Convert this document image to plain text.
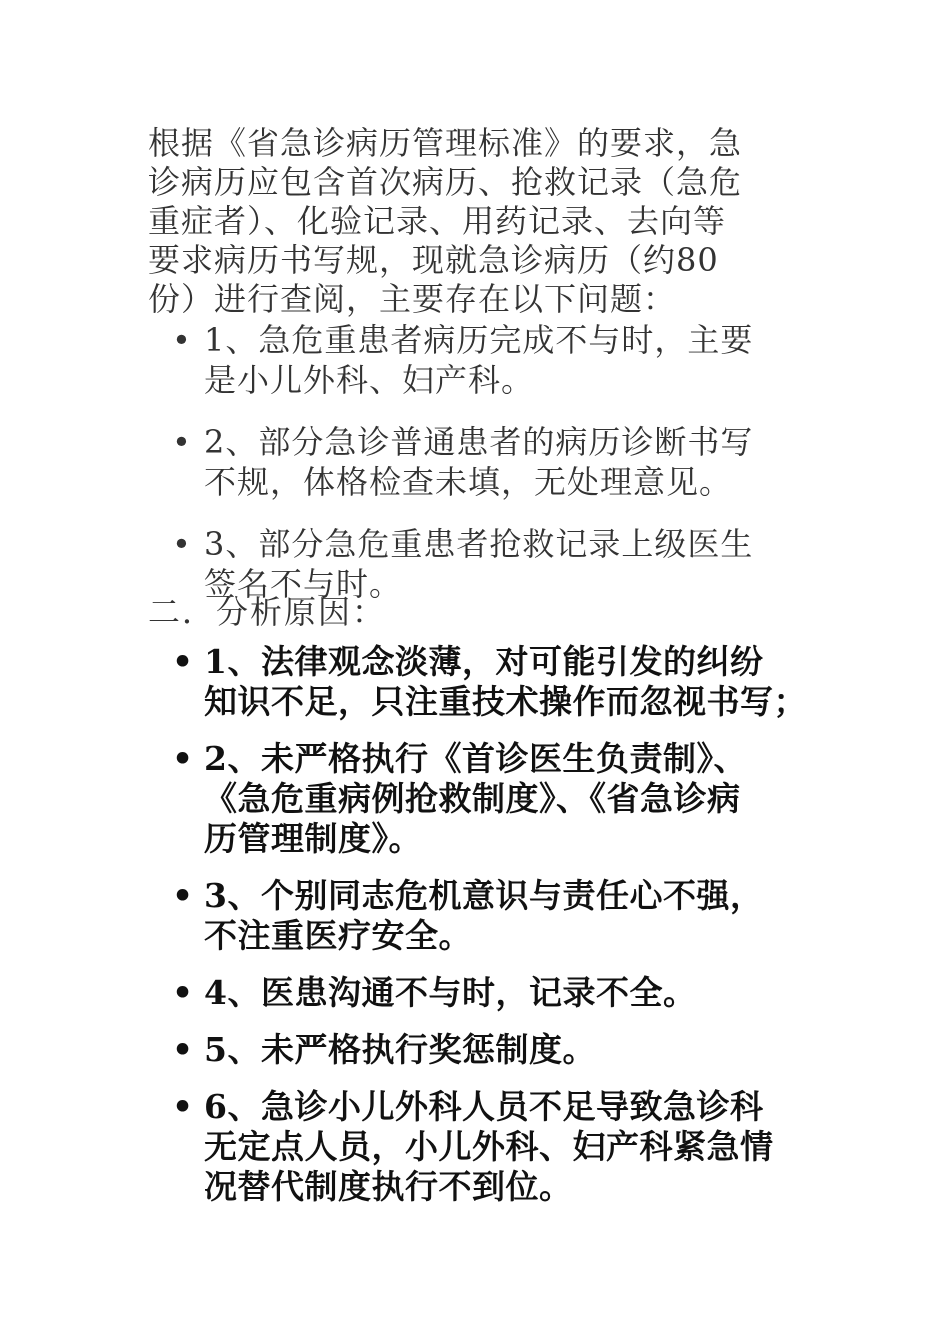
根据《省急诊病历管理标准》的要求，急
诊病历应包含首次病历、抢救记录（急危
重症者）、化验记录、用药记录、去向等
要求病历书写规，现就急诊病历（约80
份）进行查阅，主要存在以下问题：

• 1、急危重患者病历完成不与时，主要
是小儿外科、妇产科。
• 2、部分急诊普通患者的病历诊断书写
不规，体格检查未填，无处理意见。
• 3、部分急危重患者抢救记录上级医生
签名不与时。
二．分析原因：
• 1、法律观念淡薄，对可能引发的纠纷
知识不足，只注重技术操作而忽视书写；
• 2、未严格执行《首诊医生负责制》、
《急危重病例抢救制度》、《省急诊病
历管理制度》。
• 3、个别同志危机意识与责任心不强，
不注重医疗安全。
• 4、医患沟通不与时，记录不全。
• 5、未严格执行奖惩制度。
• 6、急诊小儿外科人员不足导致急诊科
无定点人员，小儿外科、妇产科紧急情
况替代制度执行不到位。
